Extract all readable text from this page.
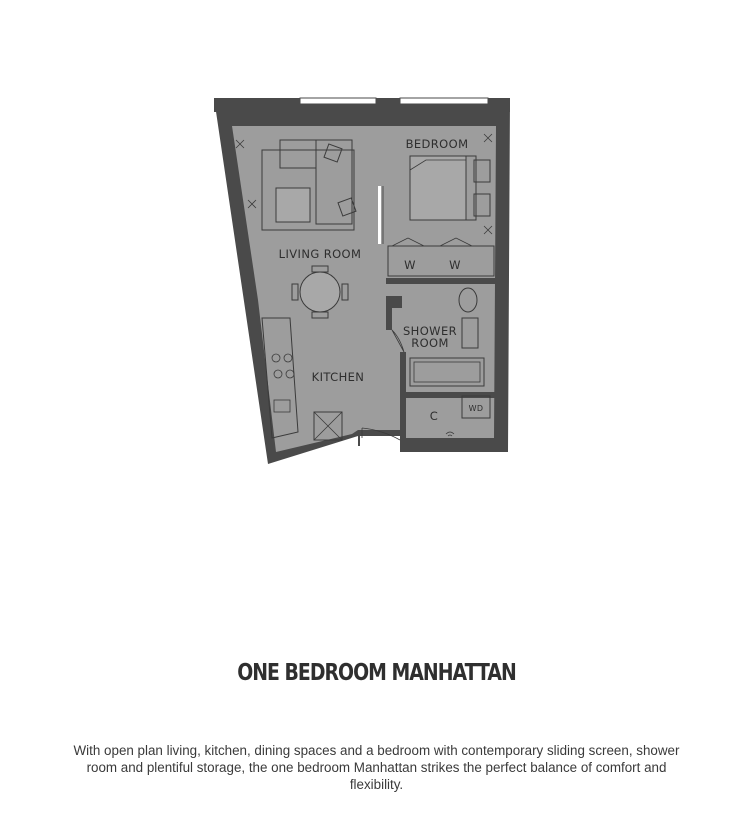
BEDROOM
LIVING ROOM
KITCHEN
SHOWER
ROOM
W	W
C
WD
ONE BEDROOM MANHATTAN

With open plan living, kitchen, dining spaces and a bedroom with contemporary sliding screen, shower room and plentiful storage, the one bedroom Manhattan strikes the perfect balance of comfort and flexibility.
